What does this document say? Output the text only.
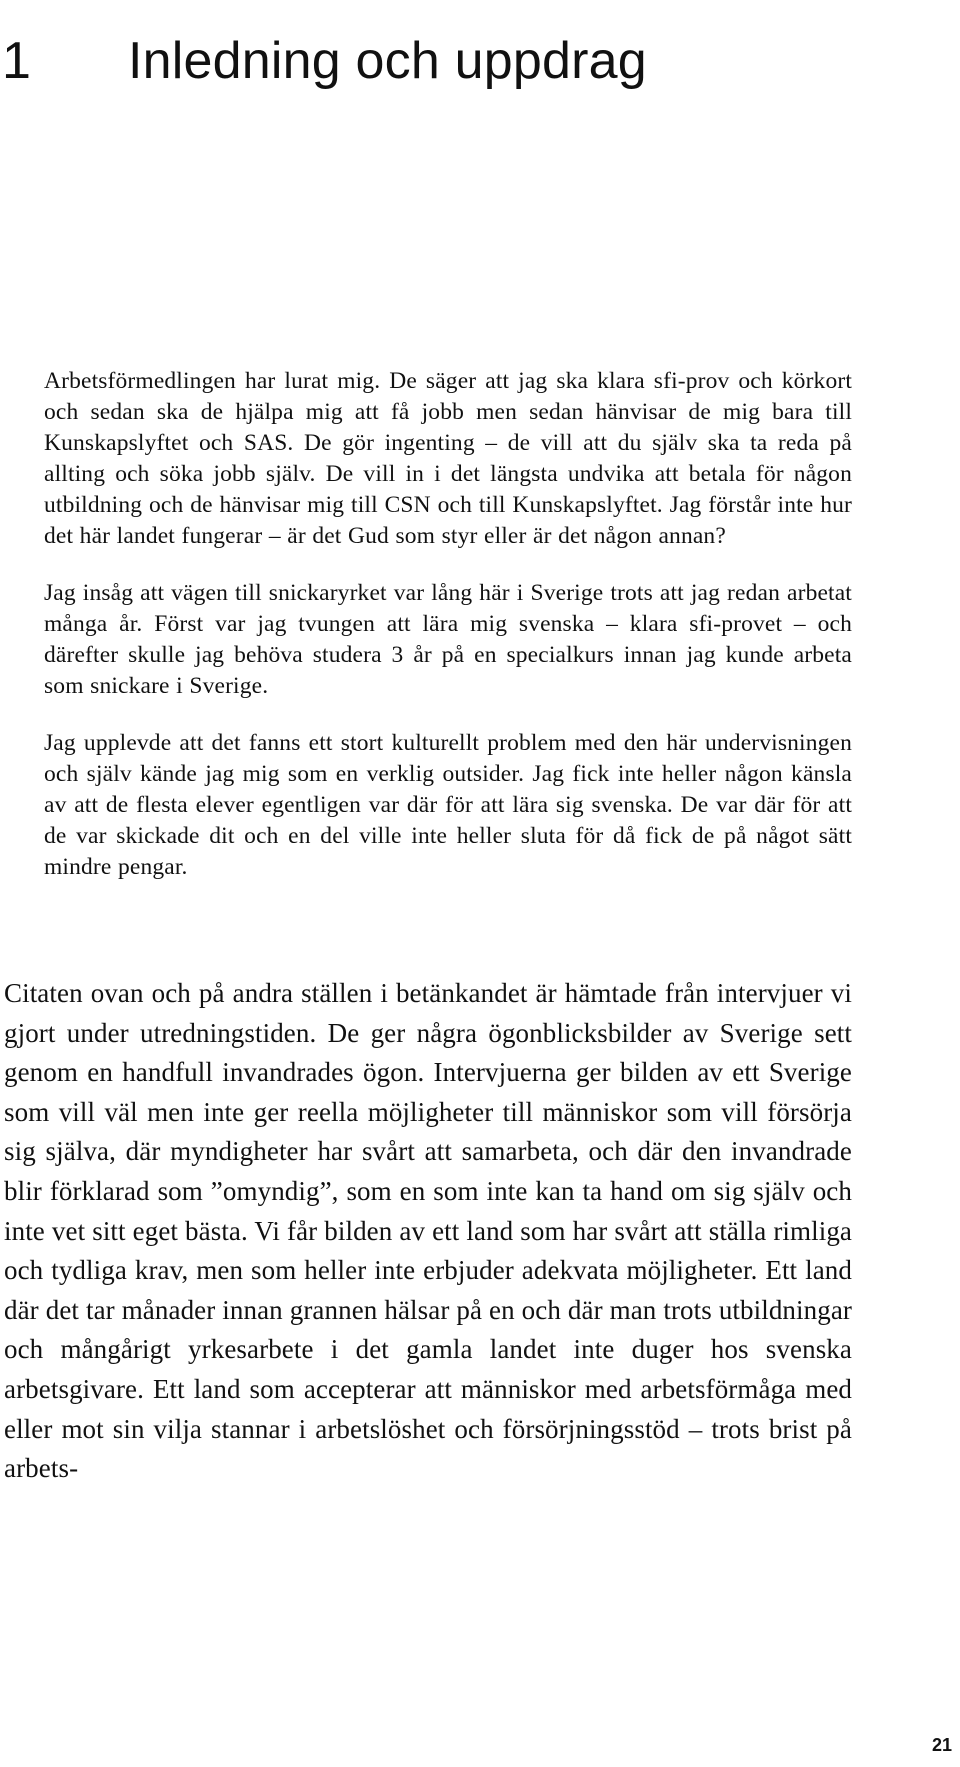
1	Inledning och uppdrag

Arbetsförmedlingen har lurat mig. De säger att jag ska klara sfi-prov och körkort och sedan ska de hjälpa mig att få jobb men sedan hänvisar de mig bara till Kunskapslyftet och SAS. De gör ingenting – de vill att du själv ska ta reda på allting och söka jobb själv. De vill in i det längsta undvika att betala för någon utbildning och de hänvisar mig till CSN och till Kunskapslyftet. Jag förstår inte hur det här landet fungerar – är det Gud som styr eller är det någon annan?

Jag insåg att vägen till snickaryrket var lång här i Sverige trots att jag redan arbetat många år. Först var jag tvungen att lära mig svenska – klara sfi-provet – och därefter skulle jag behöva studera 3 år på en specialkurs innan jag kunde arbeta som snickare i Sverige.

Jag upplevde att det fanns ett stort kulturellt problem med den här undervisningen och själv kände jag mig som en verklig outsider. Jag fick inte heller någon känsla av att de flesta elever egentligen var där för att lära sig svenska. De var där för att de var skickade dit och en del ville inte heller sluta för då fick de på något sätt mindre pengar.

Citaten ovan och på andra ställen i betänkandet är hämtade från intervjuer vi gjort under utredningstiden. De ger några ögonblicksbilder av Sverige sett genom en handfull invandrades ögon. Intervjuerna ger bilden av ett Sverige som vill väl men inte ger reella möjligheter till människor som vill försörja sig själva, där myndigheter har svårt att samarbeta, och där den invandrade blir förklarad som ”omyndig”, som en som inte kan ta hand om sig själv och inte vet sitt eget bästa. Vi får bilden av ett land som har svårt att ställa rimliga och tydliga krav, men som heller inte erbjuder adekvata möjligheter. Ett land där det tar månader innan grannen hälsar på en och där man trots utbildningar och mångårigt yrkesarbete i det gamla landet inte duger hos svenska arbetsgivare. Ett land som accepterar att människor med arbetsförmåga med eller mot sin vilja stannar i arbetslöshet och försörjningsstöd – trots brist på arbets-

21
